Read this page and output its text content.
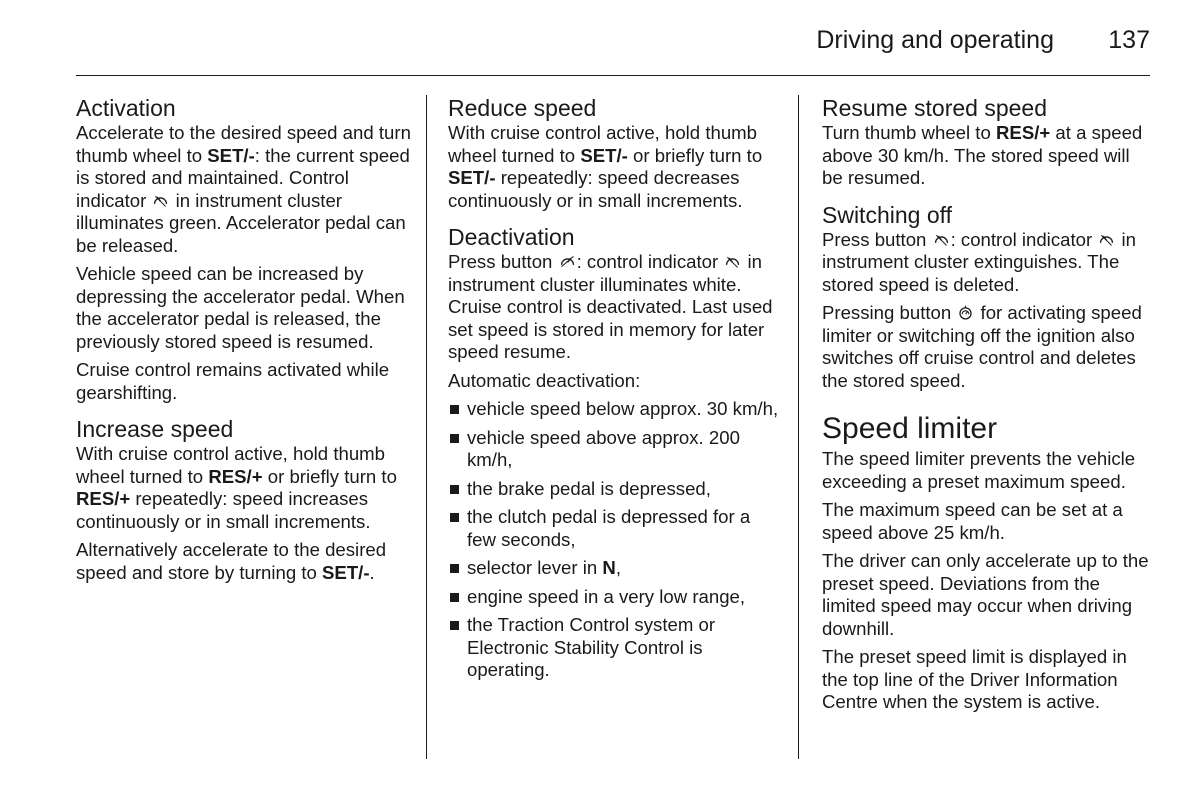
Driving and operating 137
Activation

Accelerate to the desired speed and turn thumb wheel to SET/-: the current speed is stored and maintained. Control indicator
in instrument cluster illuminates green. Accelerator pedal can be released.

Vehicle speed can be increased by depressing the accelerator pedal. When the accelerator pedal is released, the previously stored speed is resumed.

Cruise control remains activated while gearshifting.

Increase speed

With cruise control active, hold thumb wheel turned to RES/+ or briefly turn to RES/+ repeatedly: speed increases continuously or in small increments.

Alternatively accelerate to the desired speed and store by turning to SET/-.

Reduce speed

With cruise control active, hold thumb wheel turned to SET/- or briefly turn to SET/- repeatedly: speed decreases continuously or in small increments.

Deactivation

Press button
: control indicator
in instrument cluster illuminates white. Cruise control is deactivated. Last used set speed is stored in memory for later speed resume.

Automatic deactivation:

vehicle speed below approx. 30 km/h,
vehicle speed above approx. 200 km/h,
the brake pedal is depressed,
the clutch pedal is depressed for a few seconds,
selector lever in N,
engine speed in a very low range,
the Traction Control system or Electronic Stability Control is operating.
Resume stored speed

Turn thumb wheel to RES/+ at a speed above 30 km/h. The stored speed will be resumed.

Switching off

Press button
: control indicator
in instrument cluster extinguishes. The stored speed is deleted.

Pressing button
for activating speed limiter or switching off the ignition also switches off cruise control and deletes the stored speed.

Speed limiter

The speed limiter prevents the vehicle exceeding a preset maximum speed.

The maximum speed can be set at a speed above 25 km/h.

The driver can only accelerate up to the preset speed. Deviations from the limited speed may occur when driving downhill.

The preset speed limit is displayed in the top line of the Driver Information Centre when the system is active.
